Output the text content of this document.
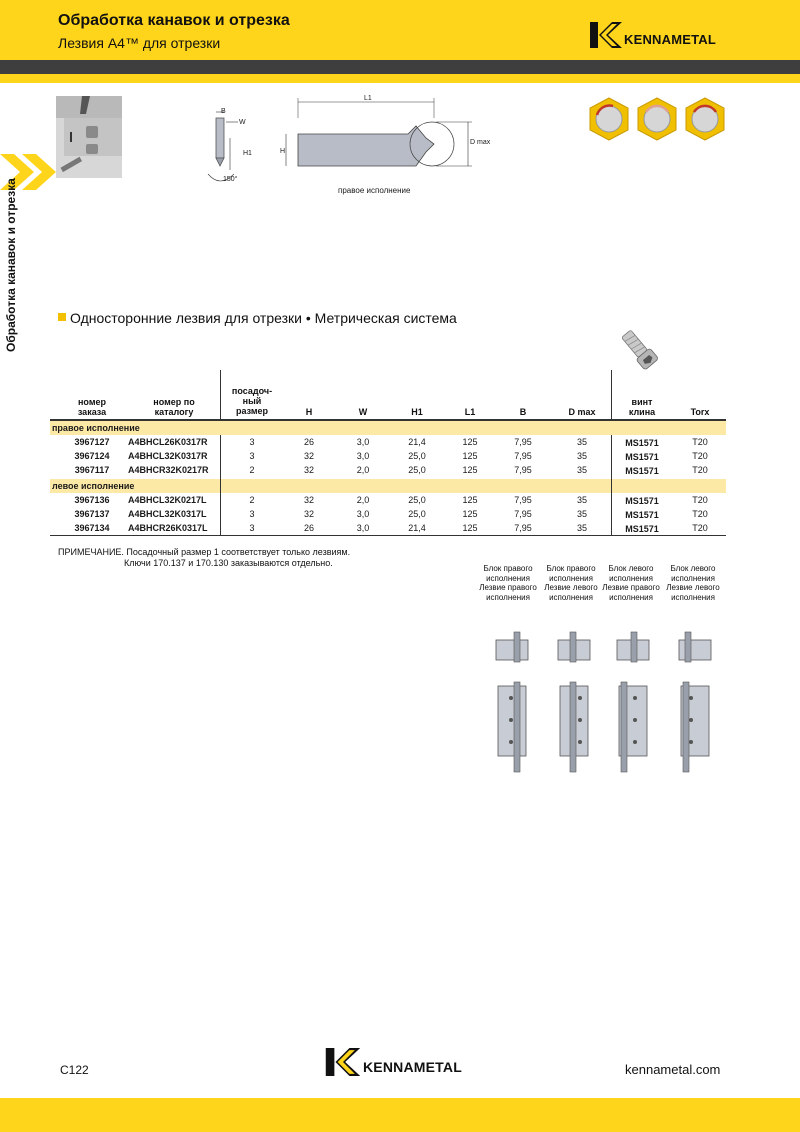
Обработка канавок и отрезка
Лезвия А4™ для отрезки	KENNAMETAL
Обработка канавок и отрезка
B
W
H1
150°
L1
H
D max
правое исполнение
Односторонние лезвия для отрезки • Метрическая система
номер заказа
номер по каталогу
посадоч-ный размер	H	W	H1	L1	B	D max
винт клина	Torx
правое исполнение
3967127	A4BHCL26K0317R	3	26	3,0	21,4	125	7,95	35	MS1571	T20
3967124	A4BHCL32K0317R	3	32	3,0	25,0	125	7,95	35	MS1571	T20
3967117	A4BHCR32K0217R	2	32	2,0	25,0	125	7,95	35	MS1571	T20
левое исполнение
3967136	A4BHCL32K0217L	2	32	2,0	25,0	125	7,95	35	MS1571	T20
3967137	A4BHCL32K0317L	3	32	3,0	25,0	125	7,95	35	MS1571	T20
3967134	A4BHCR26K0317L	3	26	3,0	21,4	125	7,95	35	MS1571	T20
ПРИМЕЧАНИЕ. Посадочный размер 1 соответствует только лезвиям.
Ключи 170.137 и 170.130 заказываются отдельно.
Блок правого исполнения Лезвие правого исполнения
Блок правого исполнения Лезвие левого исполнения
Блок левого исполнения Лезвие правого исполнения
Блок левого исполнения Лезвие левого исполнения
C122	KENNAMETAL	kennametal.com
